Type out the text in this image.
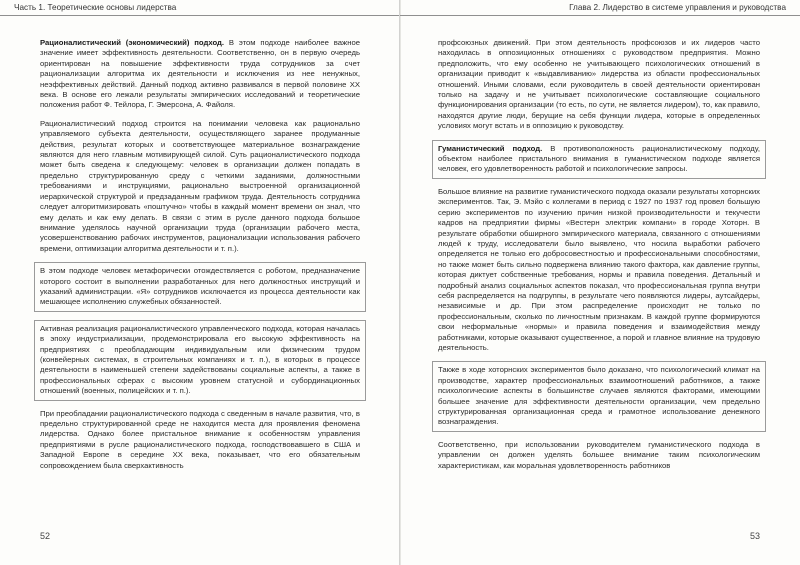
Часть 1. Теоретические основы лидерства

Рационалистический (экономический) подход. В этом подходе наиболее важное значение имеет эффективность деятельности. Соответственно, он в первую очередь ориентирован на повышение эффективности труда сотрудников за счет рационализации алгоритма их деятельности и исключения из нее ненужных, неэффективных действий. Данный подход активно развивался в первой половине XX века. В основе его лежали результаты эмпирических исследований и теоретические положения работ Ф. Тейлора, Г. Эмерсона, А. Файоля.

Рационалистический подход строится на понимании человека как рационально управляемого субъекта деятельности, осуществляющего заранее продуманные действия, результат которых и соответствующее материальное вознаграждение являются для него главным мотивирующей силой. Суть рационалистического подхода может быть сведена к следующему: человек в организации должен попадать в предельно структурированную среду с четкими заданиями, должностными требованиями и инструкциями, рационально выстроенной организационной иерархической структурой и предзаданным графиком труда. Деятельность сотрудника следует алгоритмизировать «поштучно» чтобы в каждый момент времени он знал, что ему делать и как ему делать. В связи с этим в русле данного подхода большое внимание уделялось научной организации труда (организации рабочего места, усовершенствованию рабочих инструментов, рационализации использования рабочего времени, оптимизации алгоритма деятельности и т. п.).

В этом подходе человек метафорически отождествляется с роботом, предназначение которого состоит в выполнении разработанных для него должностных инструкций и указаний администрации. «Я» сотрудников исключается из процесса деятельности как мешающее исполнению служебных обязанностей.

Активная реализация рационалистического управленческого подхода, которая началась в эпоху индустриализации, продемонстрировала его высокую эффективность на предприятиях с преобладающим индивидуальным или физическим трудом (конвейерных системах, в строительных компаниях и т. п.), в которых в процессе деятельности в наименьшей степени задействованы социальные аспекты, а также в профессиональных сферах с высоким уровнем статусной и субординационных отношений (военных, полицейских и т. п.).

При преобладании рационалистического подхода с сведенным в начале развития, что, в предельно структурированной среде не находится места для проявления феномена лидерства. Однако более пристальное внимание к особенностям управления предприятиями в русле рационалистического подхода, господствовавшего в США и Западной Европе в середине XX века, показывает, что его обязательным сопровождением была сверхактивность

52
Глава 2. Лидерство в системе управления и руководства

профсоюзных движений. При этом деятельность профсоюзов и их лидеров часто находилась в оппозиционных отношениях с руководством предприятия. Можно предположить, что ему особенно не учитывающего психологических отношений в организации приводит к «выдавливанию» лидерства из области профессиональных отношений. Иными словами, если руководитель в своей деятельности ориентирован только на задачу и не учитывает психологические составляющие социального функционирования организации (то есть, по сути, не является лидером), то, как правило, находятся другие люди, берущие на себя функции лидера, которые в определенных условиях могут встать и в оппозицию к руководству.

Гуманистический подход. В противоположность рационалистическому подходу, объектом наиболее пристального внимания в гуманистическом подходе является человек, его удовлетворенность работой и психологические запросы.

Большое влияние на развитие гуманистического подхода оказали результаты хоторнских экспериментов. Так, Э. Мэйо с коллегами в период с 1927 по 1937 год провел большую серию экспериментов по изучению причин низкой производительности и текучести кадров на предприятии фирмы «Вестерн электрик компани» в городе Хоторн. В результате обработки обширного эмпирического материала, связанного с отношениями людей к труду, исследователи было выявлено, что носила выработки рабочего определяется не только его добросовестностью и профессиональными способностями, но также может быть сильно подвержена влиянию такого фактора, как давление группы, которая диктует собственные требования, нормы и правила поведения. Детальный и подробный анализ социальных аспектов показал, что профессиональная группа внутри себя распределяется на подгруппы, в результате чего появляются лидеры, аутсайдеры, независимые и др. При этом распределение происходит не только по профессиональным, сколько по личностным признакам. В каждой группе формируются свои неформальные «нормы» и правила поведения и взаимодействия между работниками, которые оказывают существенное, а порой и главное влияние на трудовую деятельность.

Также в ходе хоторнских экспериментов было доказано, что психологический климат на производстве, характер профессиональных взаимоотношений работников, а также психологические аспекты в большинстве случаев являются факторами, имеющими большее значение для эффективности деятельности организации, чем предельно структурированная организационная среда и грамотное использование денежного вознаграждения.

Соответственно, при использовании руководителем гуманистического подхода в управлении он должен уделять большее внимание таким психологическим характеристикам, как моральная удовлетворенность работников

53
